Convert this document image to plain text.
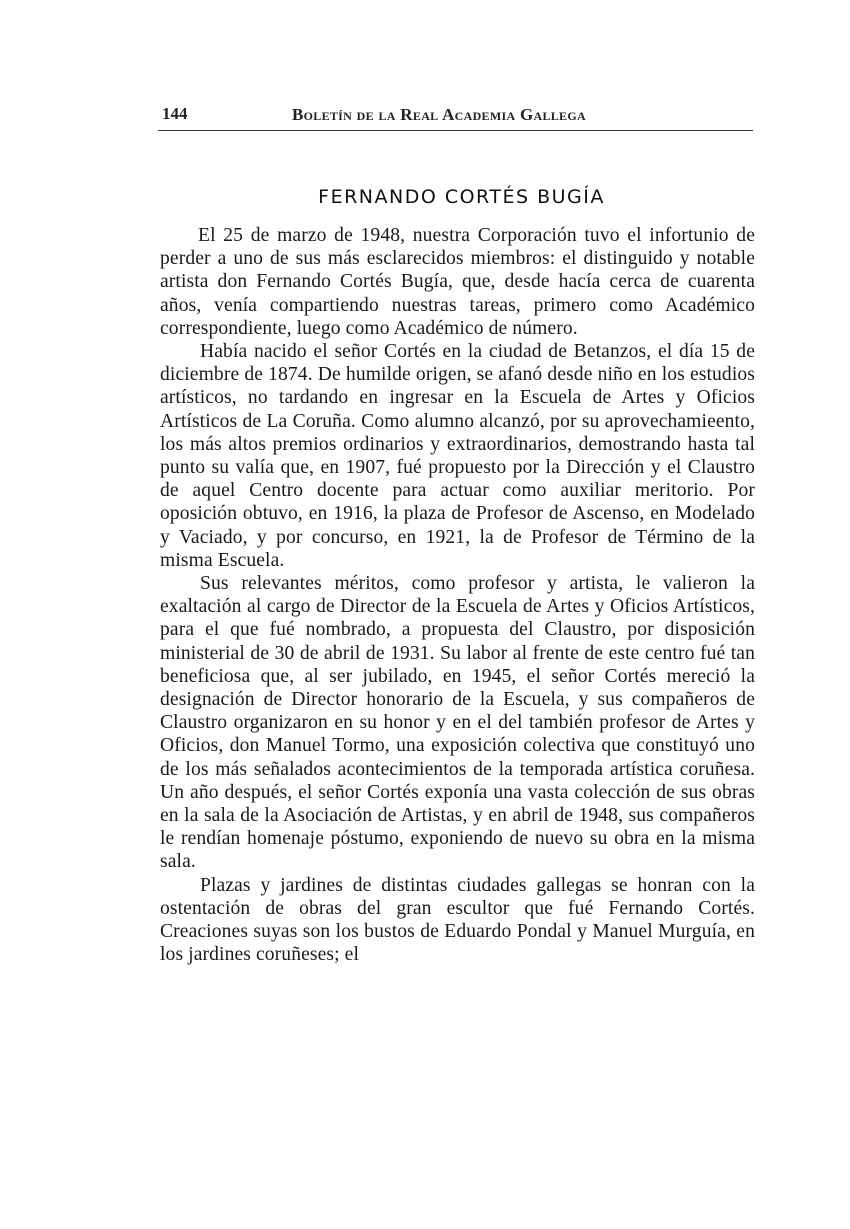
144	Boletín de la Real Academia Gallega
FERNANDO CORTÉS BUGÍA

El 25 de marzo de 1948, nuestra Corporación tuvo el infortunio de perder a uno de sus más esclarecidos miembros: el distinguido y notable artista don Fernando Cortés Bugía, que, desde hacía cerca de cuarenta años, venía compartiendo nuestras tareas, primero como Académico correspondiente, luego como Académico de número.

Había nacido el señor Cortés en la ciudad de Betanzos, el día 15 de diciembre de 1874. De humilde origen, se afanó desde niño en los estudios artísticos, no tardando en ingresar en la Escuela de Artes y Oficios Artísticos de La Coruña. Como alumno alcanzó, por su aprovechamieento, los más altos premios ordinarios y extraordinarios, demostrando hasta tal punto su valía que, en 1907, fué propuesto por la Dirección y el Claustro de aquel Centro docente para actuar como auxiliar meritorio. Por oposición obtuvo, en 1916, la plaza de Profesor de Ascenso, en Modelado y Vaciado, y por concurso, en 1921, la de Profesor de Término de la misma Escuela.

Sus relevantes méritos, como profesor y artista, le valieron la exaltación al cargo de Director de la Escuela de Artes y Oficios Artísticos, para el que fué nombrado, a propuesta del Claustro, por disposición ministerial de 30 de abril de 1931. Su labor al frente de este centro fué tan beneficiosa que, al ser jubilado, en 1945, el señor Cortés mereció la designación de Director honorario de la Escuela, y sus compañeros de Claustro organizaron en su honor y en el del también profesor de Artes y Oficios, don Manuel Tormo, una exposición colectiva que constituyó uno de los más señalados acontecimientos de la temporada artística coruñesa. Un año después, el señor Cortés exponía una vasta colección de sus obras en la sala de la Asociación de Artistas, y en abril de 1948, sus compañeros le rendían homenaje póstumo, exponiendo de nuevo su obra en la misma sala.

Plazas y jardines de distintas ciudades gallegas se honran con la ostentación de obras del gran escultor que fué Fernando Cortés. Creaciones suyas son los bustos de Eduardo Pondal y Manuel Murguía, en los jardines coruñeses; el
